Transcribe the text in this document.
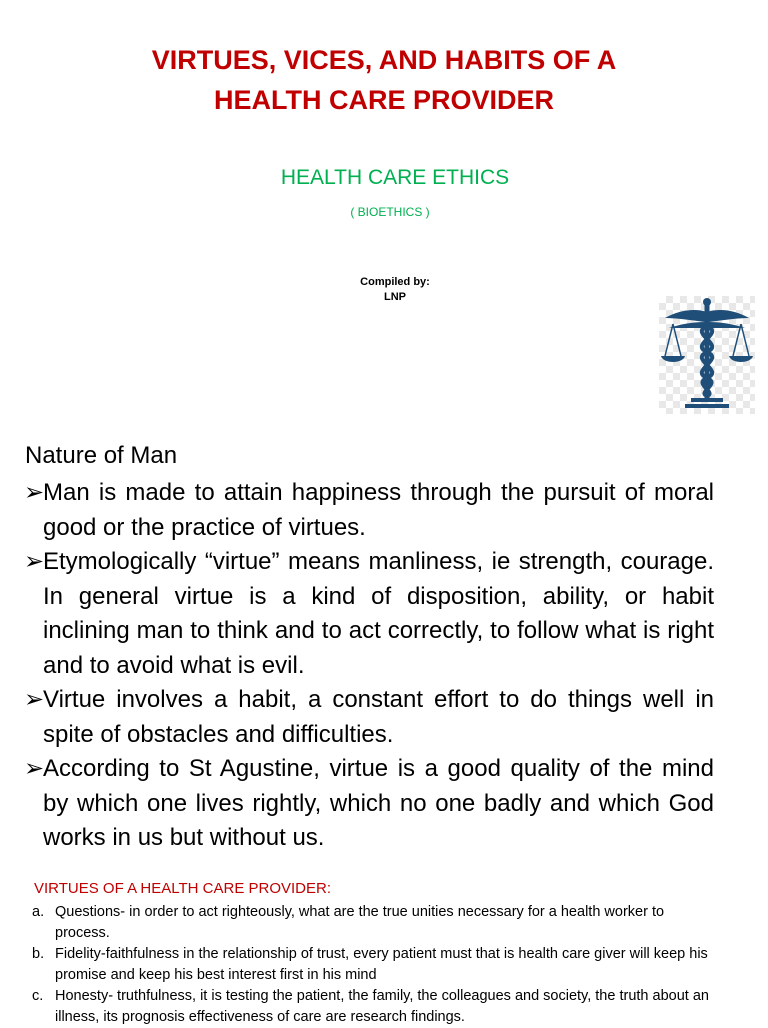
VIRTUES, VICES, AND HABITS OF A
HEALTH CARE PROVIDER
HEALTH CARE ETHICS
( BIOETHICS )
Compiled by:
LNP
Nature of Man
➢
Man is made to attain happiness through the pursuit of moral good or the practice of virtues.
➢
Etymologically “virtue” means manliness, ie strength, courage. In general virtue is a kind of disposition, ability, or habit inclining man to think and to act correctly, to follow what is right and to avoid what is evil.
➢
Virtue involves a habit, a constant effort to do things well in spite of obstacles and difficulties.
➢
According to St Agustine, virtue is a good quality of the mind by which one lives rightly, which no one badly and which God works in us but without us.
VIRTUES OF A HEALTH CARE PROVIDER:
a. Questions- in order to act righteously, what are the true unities necessary for a health worker to process.
b. Fidelity-faithfulness in the relationship of trust, every patient must that is health care giver will keep his promise and keep his best interest first in his mind
c. Honesty- truthfulness, it is testing the patient, the family, the colleagues and society, the truth about an illness, its prognosis effectiveness of care are research findings.
